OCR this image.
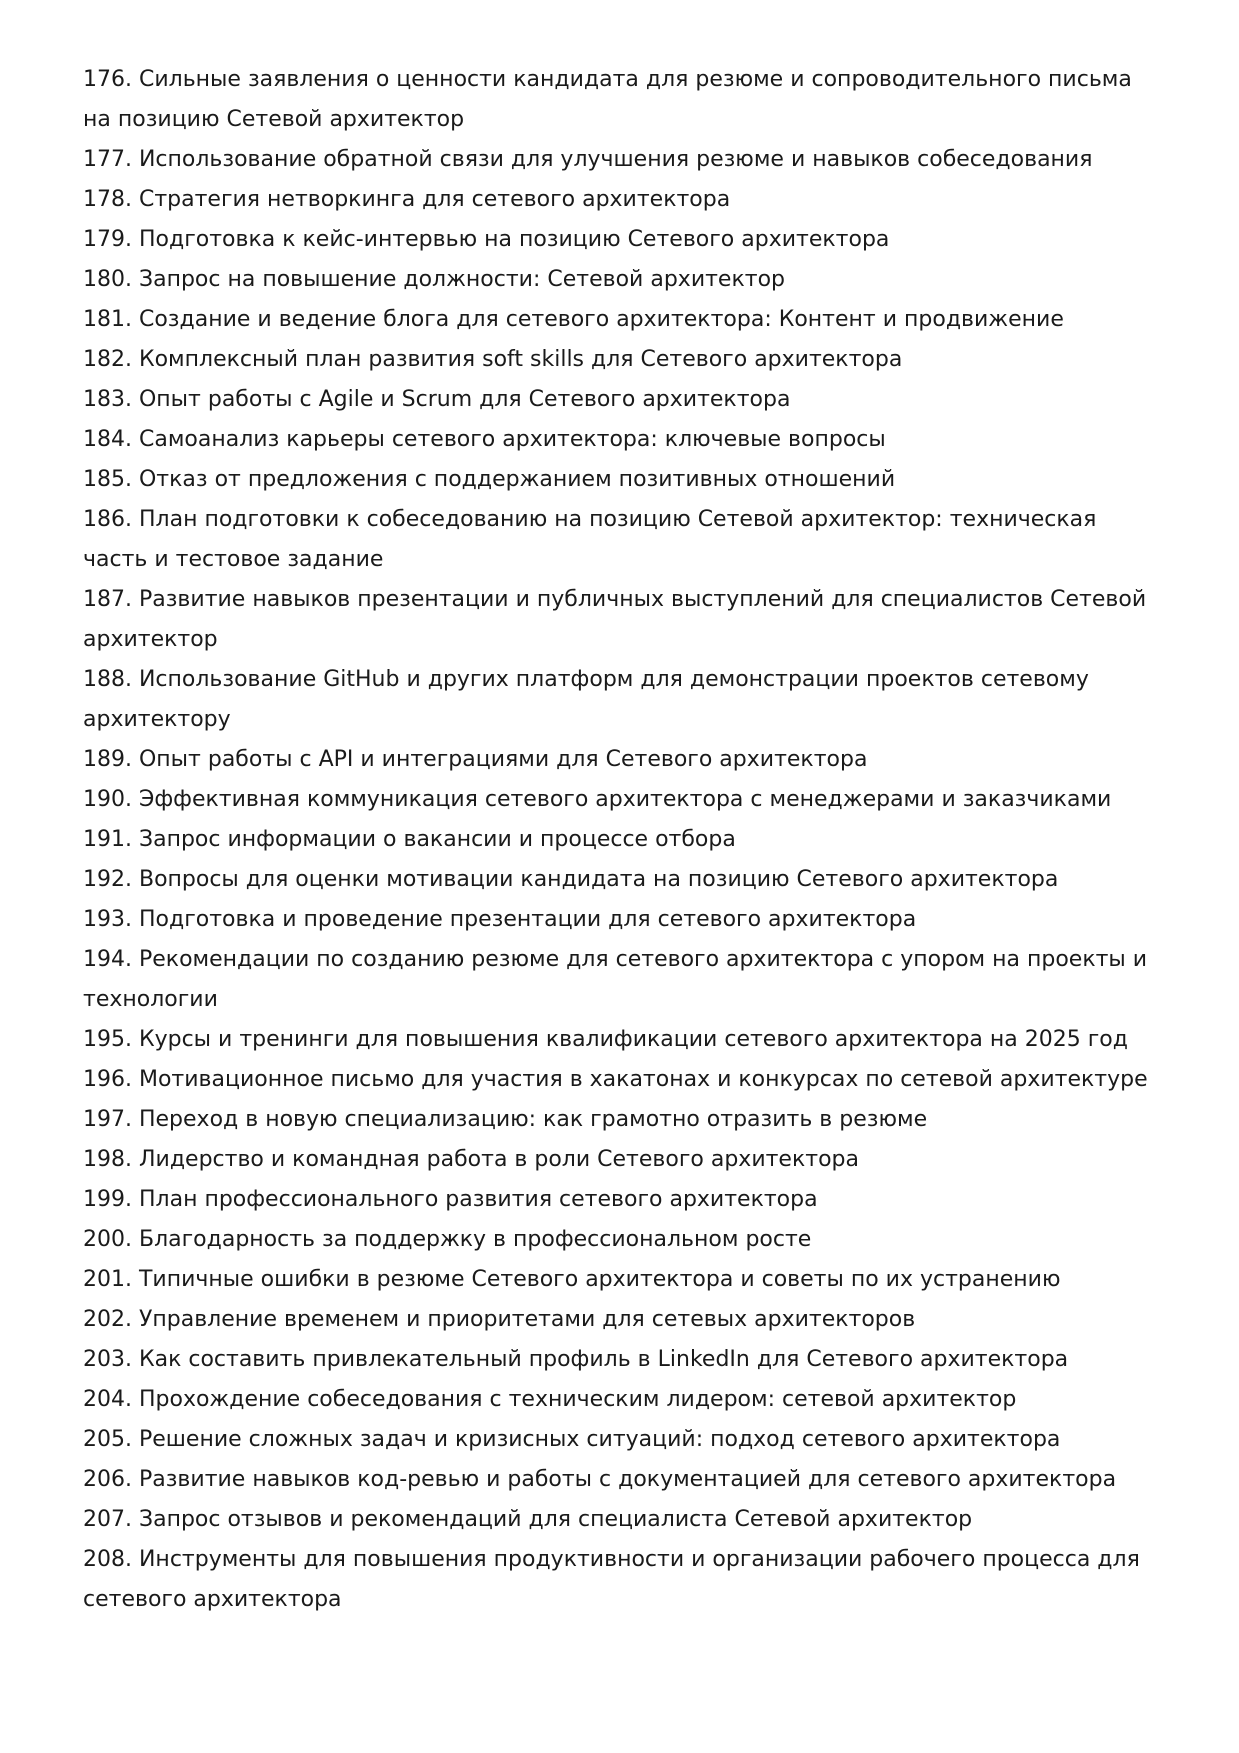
176. Сильные заявления о ценности кандидата для резюме и сопроводительного письма на позицию Сетевой архитектор
177. Использование обратной связи для улучшения резюме и навыков собеседования
178. Стратегия нетворкинга для сетевого архитектора
179. Подготовка к кейс-интервью на позицию Сетевого архитектора
180. Запрос на повышение должности: Сетевой архитектор
181. Создание и ведение блога для сетевого архитектора: Контент и продвижение
182. Комплексный план развития soft skills для Сетевого архитектора
183. Опыт работы с Agile и Scrum для Сетевого архитектора
184. Самоанализ карьеры сетевого архитектора: ключевые вопросы
185. Отказ от предложения с поддержанием позитивных отношений
186. План подготовки к собеседованию на позицию Сетевой архитектор: техническая часть и тестовое задание
187. Развитие навыков презентации и публичных выступлений для специалистов Сетевой архитектор
188. Использование GitHub и других платформ для демонстрации проектов сетевому архитектору
189. Опыт работы с API и интеграциями для Сетевого архитектора
190. Эффективная коммуникация сетевого архитектора с менеджерами и заказчиками
191. Запрос информации о вакансии и процессе отбора
192. Вопросы для оценки мотивации кандидата на позицию Сетевого архитектора
193. Подготовка и проведение презентации для сетевого архитектора
194. Рекомендации по созданию резюме для сетевого архитектора с упором на проекты и технологии
195. Курсы и тренинги для повышения квалификации сетевого архитектора на 2025 год
196. Мотивационное письмо для участия в хакатонах и конкурсах по сетевой архитектуре
197. Переход в новую специализацию: как грамотно отразить в резюме
198. Лидерство и командная работа в роли Сетевого архитектора
199. План профессионального развития сетевого архитектора
200. Благодарность за поддержку в профессиональном росте
201. Типичные ошибки в резюме Сетевого архитектора и советы по их устранению
202. Управление временем и приоритетами для сетевых архитекторов
203. Как составить привлекательный профиль в LinkedIn для Сетевого архитектора
204. Прохождение собеседования с техническим лидером: сетевой архитектор
205. Решение сложных задач и кризисных ситуаций: подход сетевого архитектора
206. Развитие навыков код-ревью и работы с документацией для сетевого архитектора
207. Запрос отзывов и рекомендаций для специалиста Сетевой архитектор
208. Инструменты для повышения продуктивности и организации рабочего процесса для сетевого архитектора
